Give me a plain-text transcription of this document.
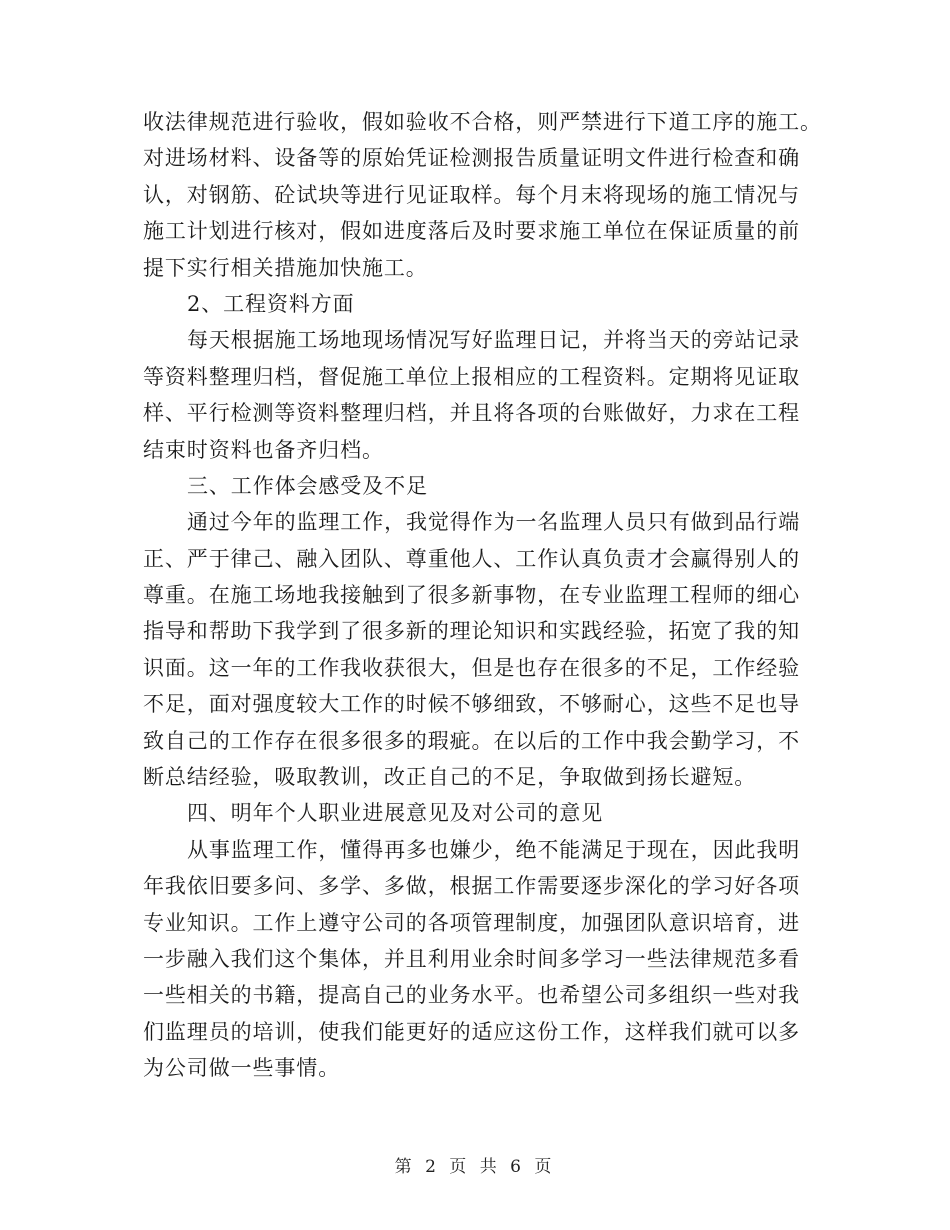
收法律规范进行验收，假如验收不合格，则严禁进行下道工序的施工。
对进场材料、设备等的原始凭证检测报告质量证明文件进行检查和确
认，对钢筋、砼试块等进行见证取样。每个月末将现场的施工情况与
施工计划进行核对，假如进度落后及时要求施工单位在保证质量的前
提下实行相关措施加快施工。
2、工程资料方面
每天根据施工场地现场情况写好监理日记，并将当天的旁站记录
等资料整理归档，督促施工单位上报相应的工程资料。定期将见证取
样、平行检测等资料整理归档，并且将各项的台账做好，力求在工程
结束时资料也备齐归档。
三、工作体会感受及不足
通过今年的监理工作，我觉得作为一名监理人员只有做到品行端
正、严于律己、融入团队、尊重他人、工作认真负责才会赢得别人的
尊重。在施工场地我接触到了很多新事物，在专业监理工程师的细心
指导和帮助下我学到了很多新的理论知识和实践经验，拓宽了我的知
识面。这一年的工作我收获很大，但是也存在很多的不足，工作经验
不足，面对强度较大工作的时候不够细致，不够耐心，这些不足也导
致自己的工作存在很多很多的瑕疵。在以后的工作中我会勤学习，不
断总结经验，吸取教训，改正自己的不足，争取做到扬长避短。
四、明年个人职业进展意见及对公司的意见
从事监理工作，懂得再多也嫌少，绝不能满足于现在，因此我明
年我依旧要多问、多学、多做，根据工作需要逐步深化的学习好各项
专业知识。工作上遵守公司的各项管理制度，加强团队意识培育，进
一步融入我们这个集体，并且利用业余时间多学习一些法律规范多看
一些相关的书籍，提高自己的业务水平。也希望公司多组织一些对我
们监理员的培训，使我们能更好的适应这份工作，这样我们就可以多
为公司做一些事情。
第 2 页 共 6 页
